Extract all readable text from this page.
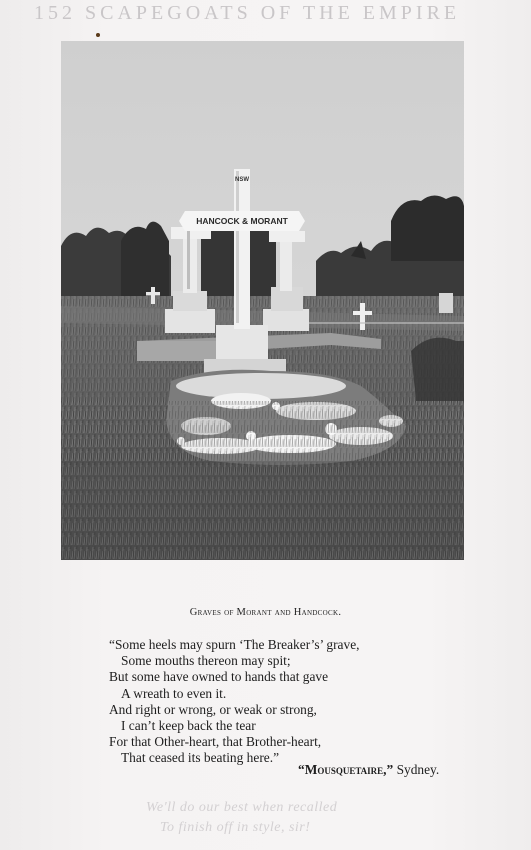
152 SCAPEGOATS OF THE EMPIRE
NSW
HANCOCK & MORANT
Graves of Morant and Handcock.
“Some heels may spurn ‘The Breaker’s’ grave,
Some mouths thereon may spit;
But some have owned to hands that gave
A wreath to even it.
And right or wrong, or weak or strong,
I can’t keep back the tear
For that Other-heart, that Brother-heart,
That ceased its beating here.”
“Mousquetaire,” Sydney.
We'll do our best when recalled
To finish off in style, sir!
